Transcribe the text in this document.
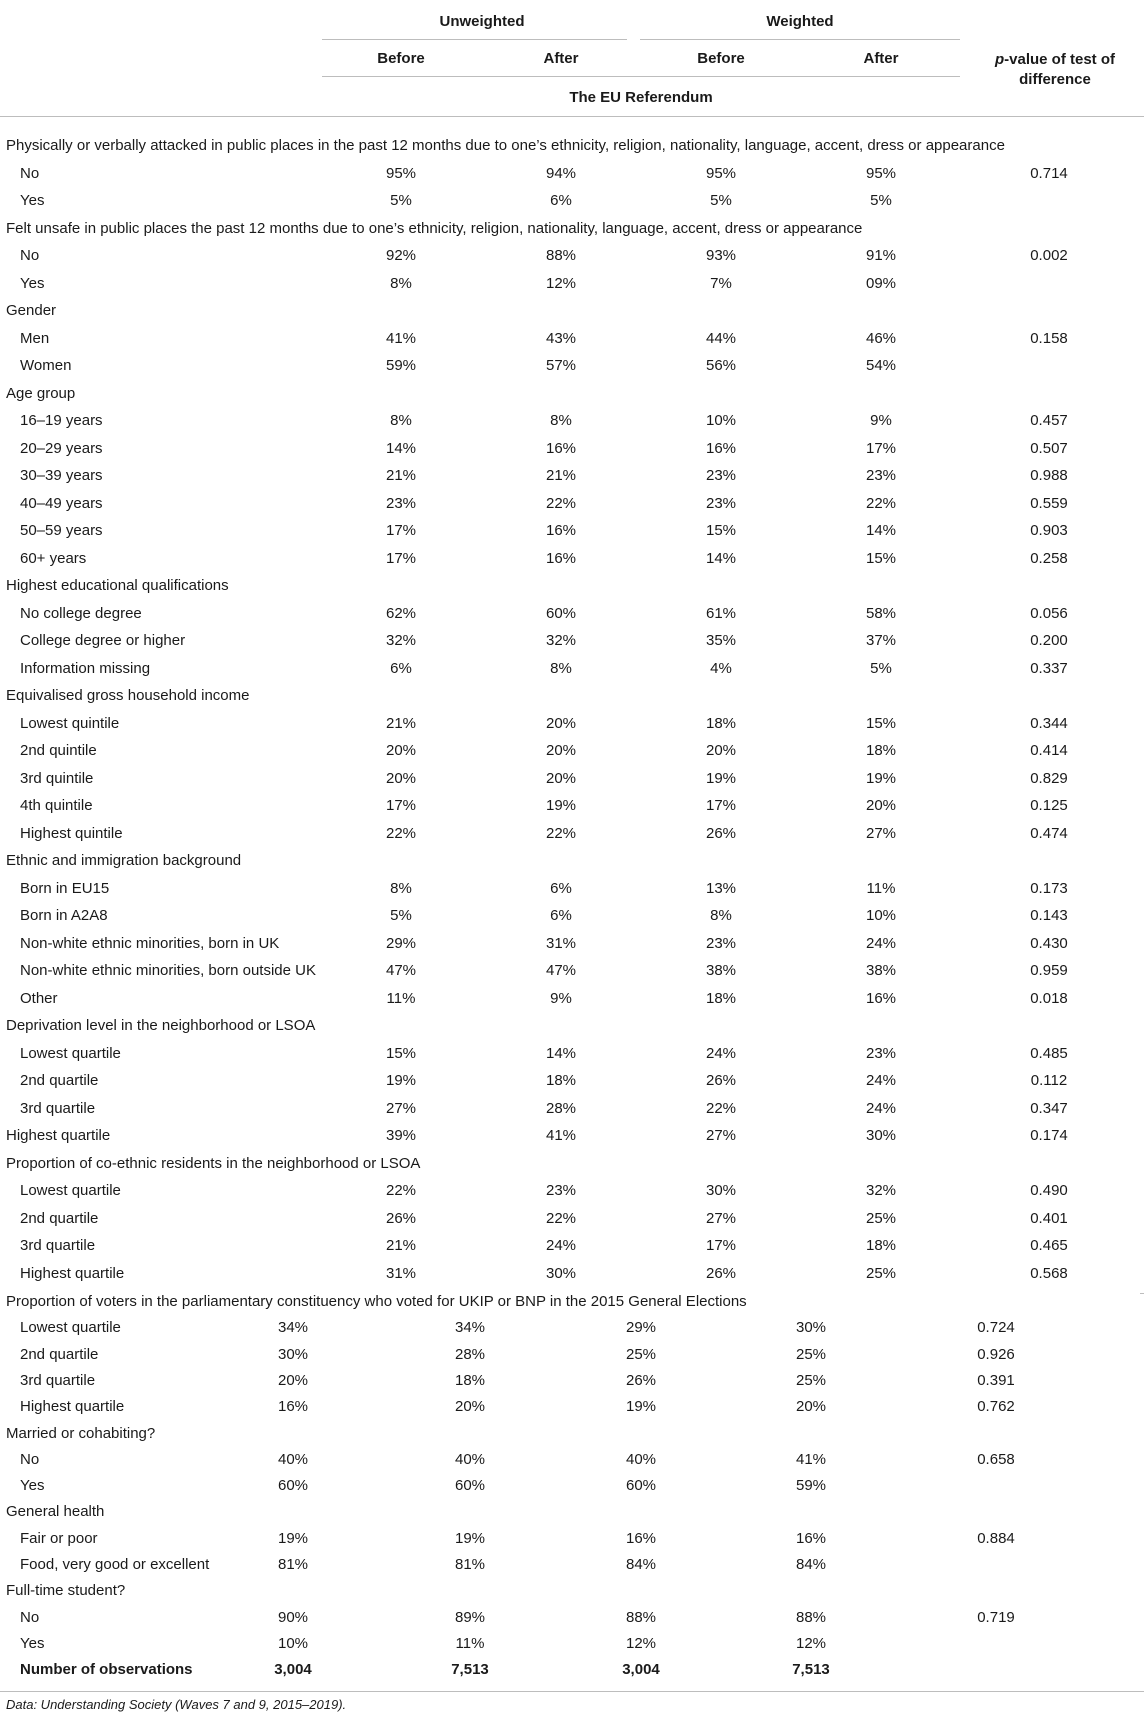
Unweighted	Weighted
Before	After	Before	After	p-value of test of
difference
The EU Referendum
Physically or verbally attacked in public places in the past 12 months due to one’s ethnicity, religion, nationality, language, accent, dress or appearance
No	95%	94%	95%	95%	0.714
Yes	5%	6%	5%	5%
Felt unsafe in public places the past 12 months due to one’s ethnicity, religion, nationality, language, accent, dress or appearance
No	92%	88%	93%	91%	0.002
Yes	8%	12%	7%	09%
Gender
Men	41%	43%	44%	46%	0.158
Women	59%	57%	56%	54%
Age group
16–19 years	8%	8%	10%	9%	0.457
20–29 years	14%	16%	16%	17%	0.507
30–39 years	21%	21%	23%	23%	0.988
40–49 years	23%	22%	23%	22%	0.559
50–59 years	17%	16%	15%	14%	0.903
60+ years	17%	16%	14%	15%	0.258
Highest educational qualifications
No college degree	62%	60%	61%	58%	0.056
College degree or higher	32%	32%	35%	37%	0.200
Information missing	6%	8%	4%	5%	0.337
Equivalised gross household income
Lowest quintile	21%	20%	18%	15%	0.344
2nd quintile	20%	20%	20%	18%	0.414
3rd quintile	20%	20%	19%	19%	0.829
4th quintile	17%	19%	17%	20%	0.125
Highest quintile	22%	22%	26%	27%	0.474
Ethnic and immigration background
Born in EU15	8%	6%	13%	11%	0.173
Born in A2A8	5%	6%	8%	10%	0.143
Non-white ethnic minorities, born in UK	29%	31%	23%	24%	0.430
Non-white ethnic minorities, born outside UK	47%	47%	38%	38%	0.959
Other	11%	9%	18%	16%	0.018
Deprivation level in the neighborhood or LSOA
Lowest quartile	15%	14%	24%	23%	0.485
2nd quartile	19%	18%	26%	24%	0.112
3rd quartile	27%	28%	22%	24%	0.347
Highest quartile	39%	41%	27%	30%	0.174
Proportion of co-ethnic residents in the neighborhood or LSOA
Lowest quartile	22%	23%	30%	32%	0.490
2nd quartile	26%	22%	27%	25%	0.401
3rd quartile	21%	24%	17%	18%	0.465
Highest quartile	31%	30%	26%	25%	0.568
Proportion of voters in the parliamentary constituency who voted for UKIP or BNP in the 2015 General Elections
Lowest quartile	34%	34%	29%	30%	0.724
2nd quartile	30%	28%	25%	25%	0.926
3rd quartile	20%	18%	26%	25%	0.391
Highest quartile	16%	20%	19%	20%	0.762
Married or cohabiting?
No	40%	40%	40%	41%	0.658
Yes	60%	60%	60%	59%
General health
Fair or poor	19%	19%	16%	16%	0.884
Food, very good or excellent	81%	81%	84%	84%
Full-time student?
No	90%	89%	88%	88%	0.719
Yes	10%	11%	12%	12%
Number of observations	3,004	7,513	3,004	7,513
Data: Understanding Society (Waves 7 and 9, 2015–2019).
